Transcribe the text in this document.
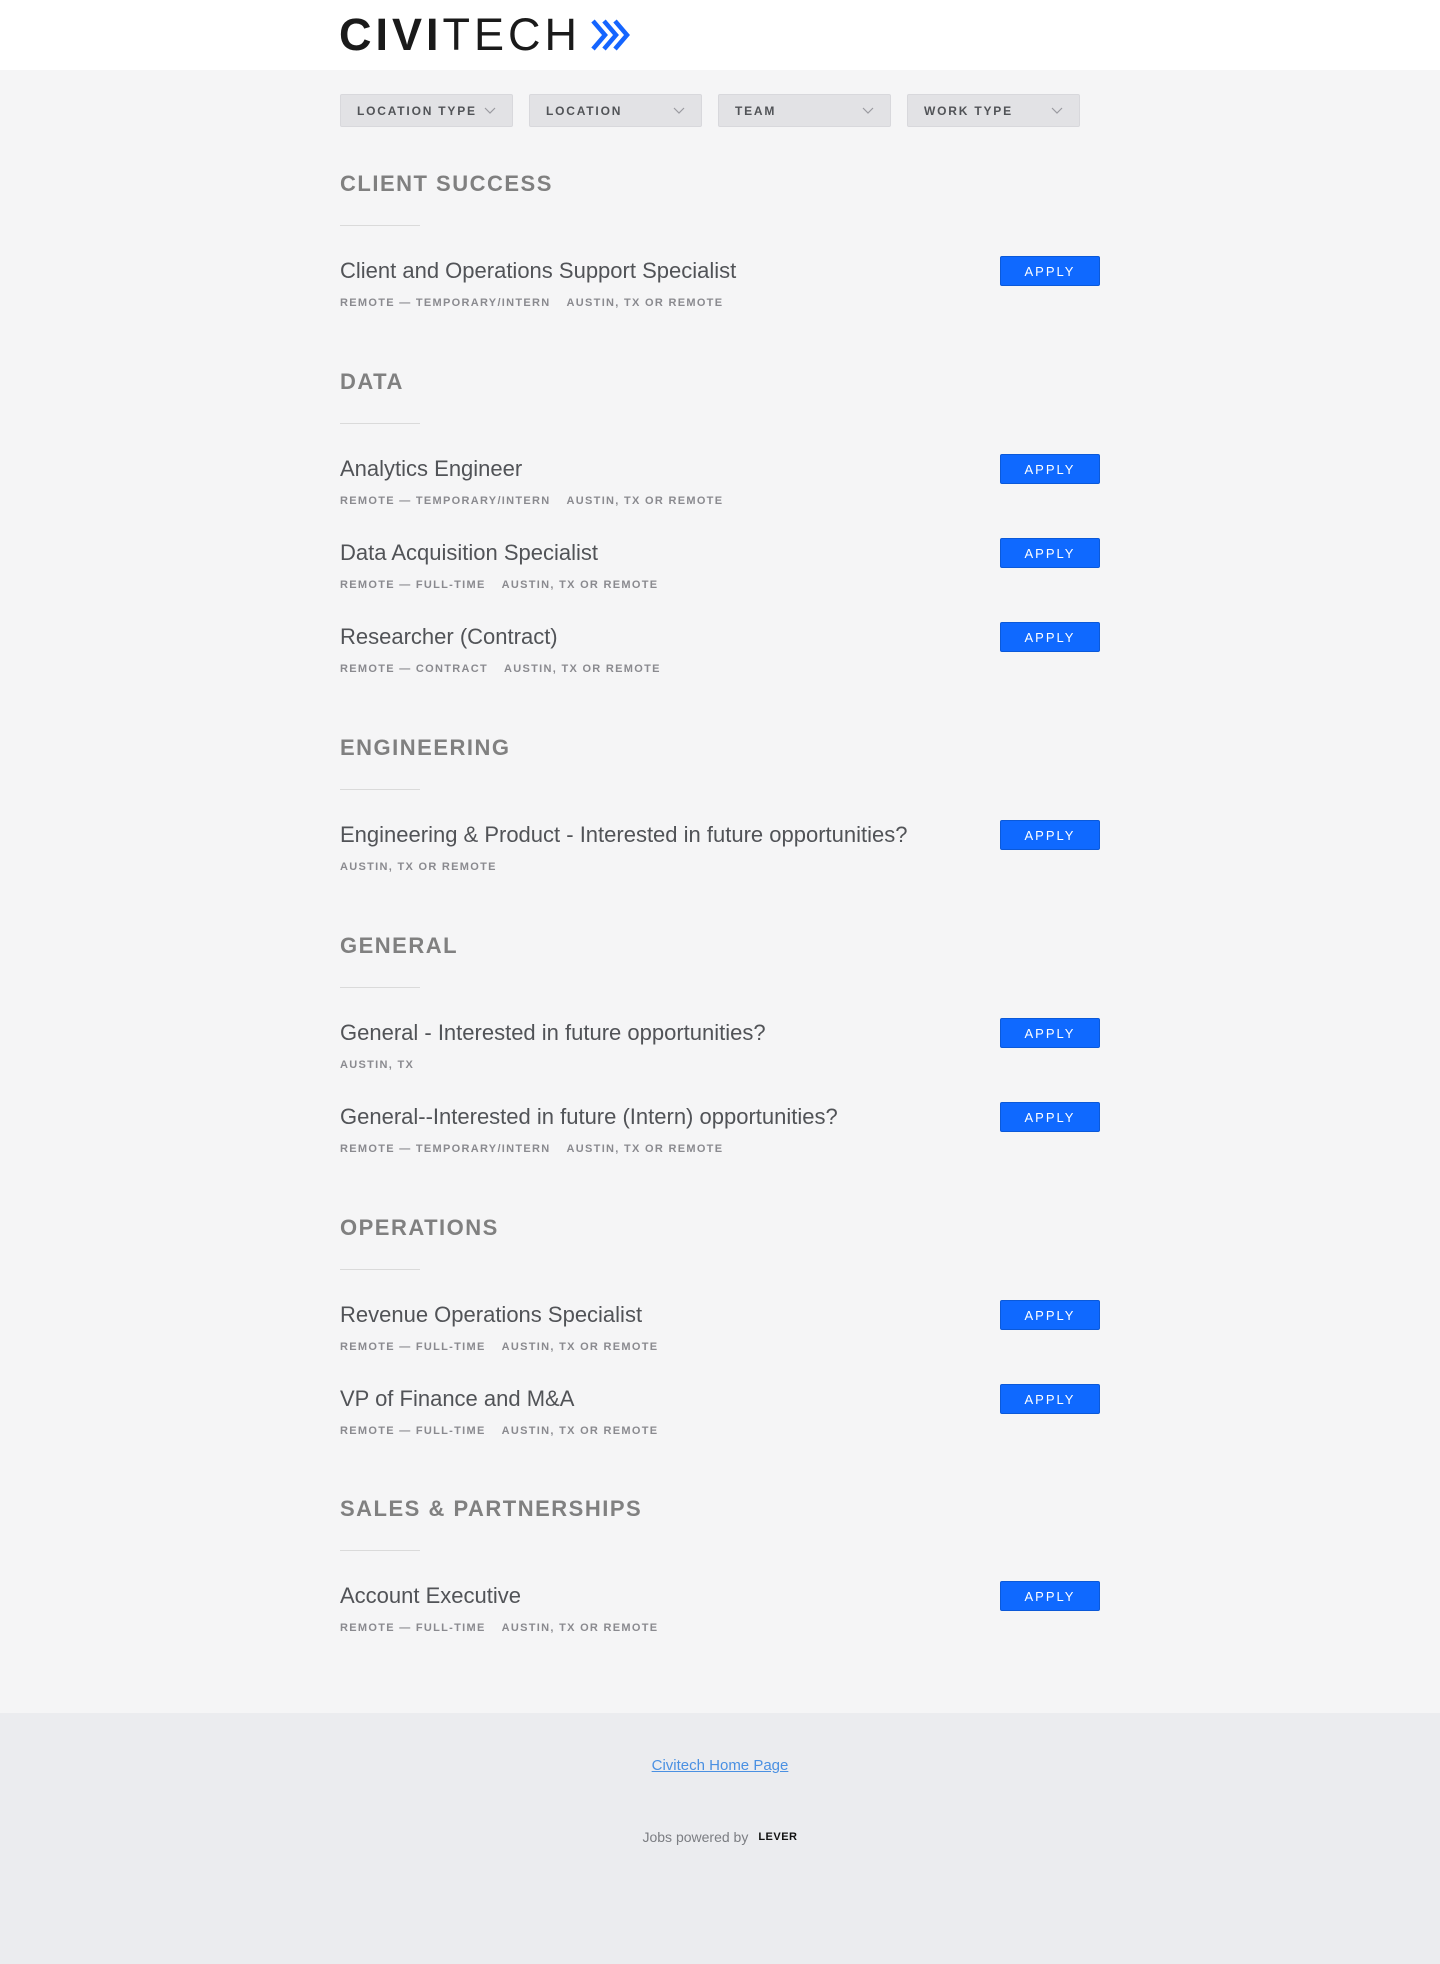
CIVITECH
LOCATION TYPE	LOCATION	TEAM	WORK TYPE
CLIENT SUCCESS
Client and Operations Support Specialist
REMOTE — TEMPORARY/INTERN AUSTIN, TX OR REMOTE
APPLY
DATA
Analytics Engineer
REMOTE — TEMPORARY/INTERN AUSTIN, TX OR REMOTE
APPLY
Data Acquisition Specialist
REMOTE — FULL-TIME AUSTIN, TX OR REMOTE
APPLY
Researcher (Contract)
REMOTE — CONTRACT AUSTIN, TX OR REMOTE
APPLY
ENGINEERING
Engineering & Product - Interested in future opportunities?
AUSTIN, TX OR REMOTE
APPLY
GENERAL
General - Interested in future opportunities?
AUSTIN, TX
APPLY
General--Interested in future (Intern) opportunities?
REMOTE — TEMPORARY/INTERN AUSTIN, TX OR REMOTE
APPLY
OPERATIONS
Revenue Operations Specialist
REMOTE — FULL-TIME AUSTIN, TX OR REMOTE
APPLY
VP of Finance and M&A
REMOTE — FULL-TIME AUSTIN, TX OR REMOTE
APPLY
SALES & PARTNERSHIPS
Account Executive
REMOTE — FULL-TIME AUSTIN, TX OR REMOTE
APPLY
Civitech Home Page
Jobs powered by LEVER
